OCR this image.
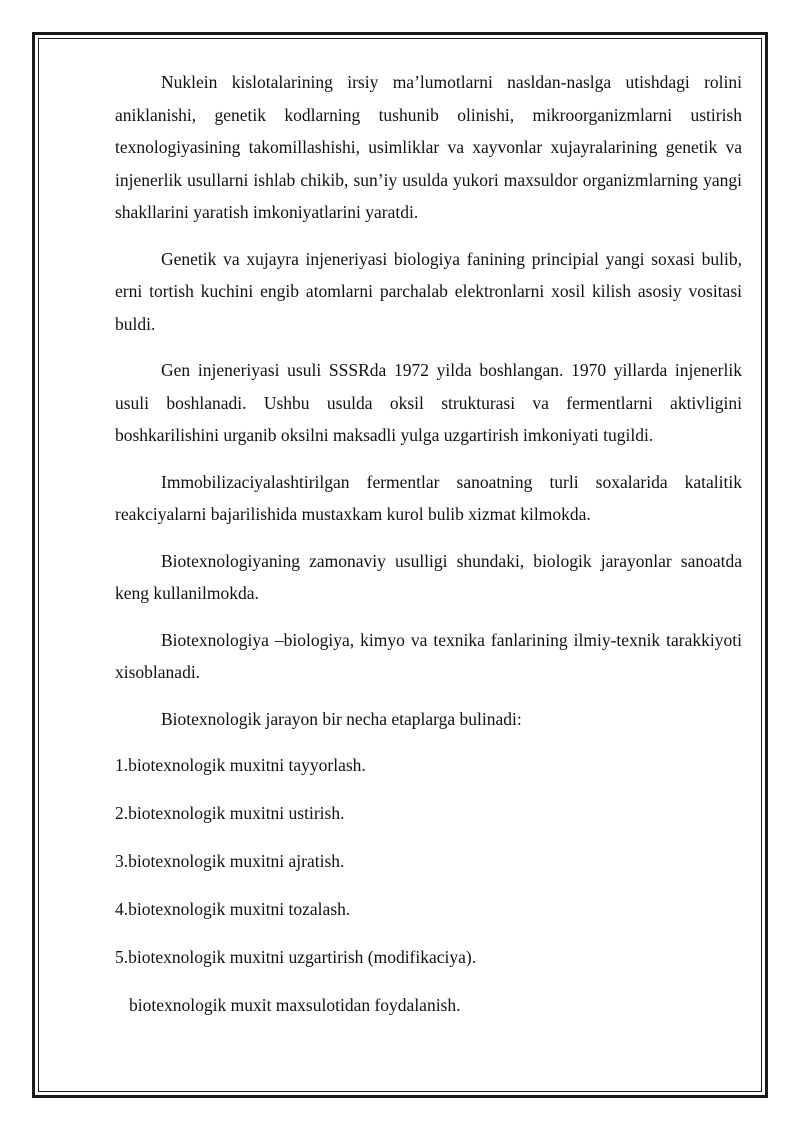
Nuklein kislotalarining irsiy ma’lumotlarni nasldan-naslga utishdagi rolini aniklanishi, genetik kodlarning tushunib olinishi, mikroorganizmlarni ustirish texnologiyasining takomillashishi, usimliklar va xayvonlar xujayralarining genetik va injenerlik usullarni ishlab chikib, sun’iy usulda yukori maxsuldor organizmlarning yangi shakllarini yaratish imkoniyatlarini yaratdi.

Genetik va xujayra injeneriyasi biologiya fanining principial yangi soxasi bulib, erni tortish kuchini engib atomlarni parchalab elektronlarni xosil kilish asosiy vositasi buldi.

Gen injeneriyasi usuli SSSRda 1972 yilda boshlangan. 1970 yillarda injenerlik usuli boshlanadi. Ushbu usulda oksil strukturasi va fermentlarni aktivligini boshkarilishini urganib oksilni maksadli yulga uzgartirish imkoniyati tugildi.

Immobilizaciyalashtirilgan fermentlar sanoatning turli soxalarida katalitik reakciyalarni bajarilishida mustaxkam kurol bulib xizmat kilmokda.

Biotexnologiyaning zamonaviy usulligi shundaki, biologik jarayonlar sanoatda keng kullanilmokda.

Biotexnologiya –biologiya, kimyo va texnika fanlarining ilmiy-texnik tarakkiyoti xisoblanadi.

Biotexnologik jarayon bir necha etaplarga bulinadi:

1.biotexnologik muxitni tayyorlash.

2.biotexnologik muxitni ustirish.

3.biotexnologik muxitni ajratish.

4.biotexnologik muxitni tozalash.

5.biotexnologik muxitni uzgartirish (modifikaciya).

biotexnologik muxit maxsulotidan foydalanish.
